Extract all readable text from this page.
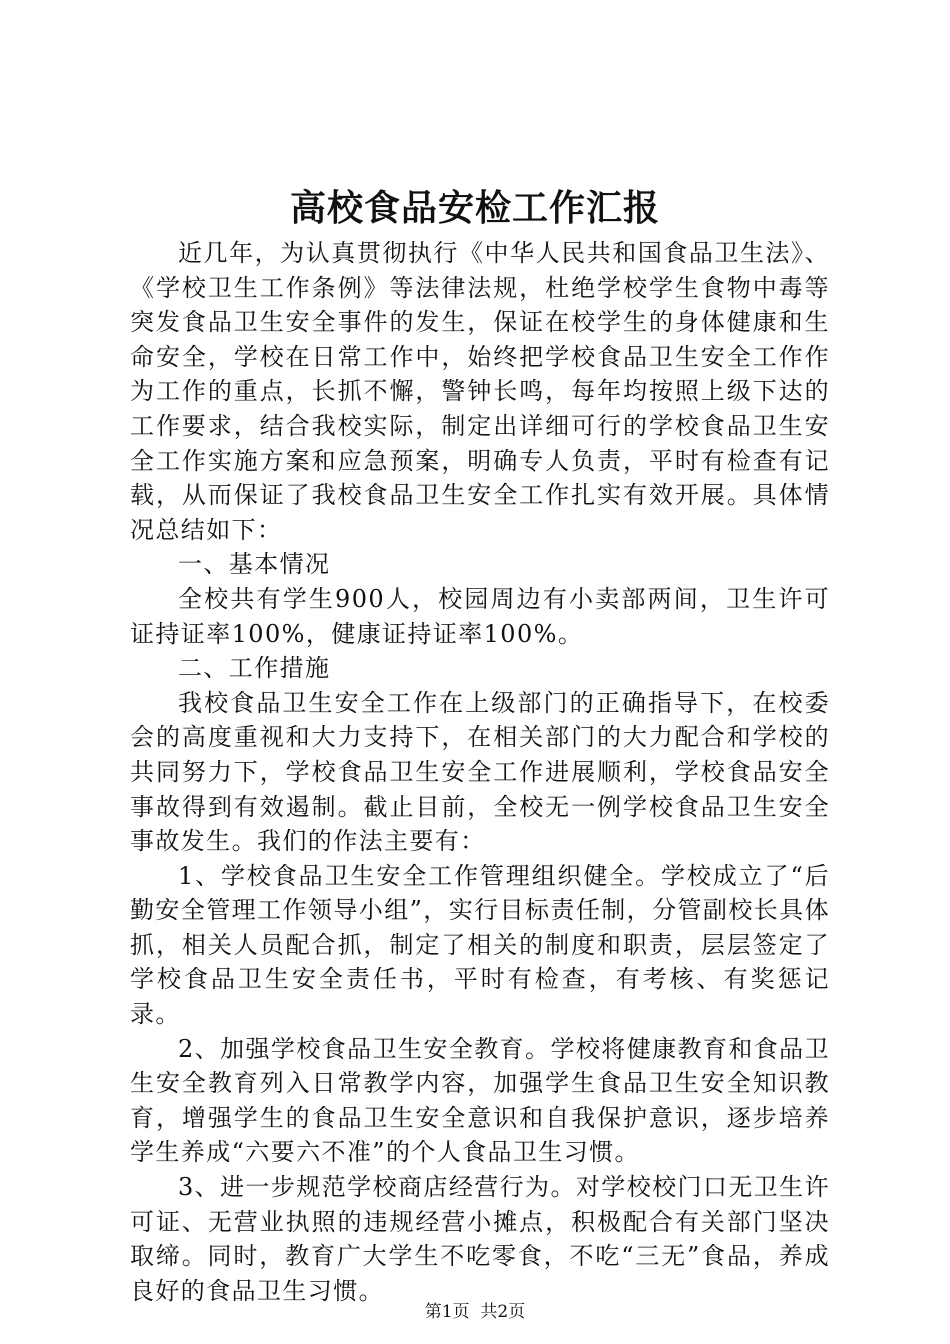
高校食品安检工作汇报

近几年，为认真贯彻执行《中华人民共和国食品卫生法》、《学校卫生工作条例》等法律法规，杜绝学校学生食物中毒等突发食品卫生安全事件的发生，保证在校学生的身体健康和生命安全，学校在日常工作中，始终把学校食品卫生安全工作作为工作的重点，长抓不懈，警钟长鸣，每年均按照上级下达的工作要求，结合我校实际，制定出详细可行的学校食品卫生安全工作实施方案和应急预案，明确专人负责，平时有检查有记载，从而保证了我校食品卫生安全工作扎实有效开展。具体情况总结如下：

一、基本情况

全校共有学生900人，校园周边有小卖部两间，卫生许可证持证率100%，健康证持证率100%。

二、工作措施

我校食品卫生安全工作在上级部门的正确指导下，在校委会的高度重视和大力支持下，在相关部门的大力配合和学校的共同努力下，学校食品卫生安全工作进展顺利，学校食品安全事故得到有效遏制。截止目前，全校无一例学校食品卫生安全事故发生。我们的作法主要有：

1、学校食品卫生安全工作管理组织健全。学校成立了“后勤安全管理工作领导小组”，实行目标责任制，分管副校长具体抓，相关人员配合抓，制定了相关的制度和职责，层层签定了学校食品卫生安全责任书，平时有检查，有考核、有奖惩记录。

2、加强学校食品卫生安全教育。学校将健康教育和食品卫生安全教育列入日常教学内容，加强学生食品卫生安全知识教育，增强学生的食品卫生安全意识和自我保护意识，逐步培养学生养成“六要六不准”的个人食品卫生习惯。

3、进一步规范学校商店经营行为。对学校校门口无卫生许可证、无营业执照的违规经营小摊点，积极配合有关部门坚决取缔。同时，教育广大学生不吃零食，不吃“三无”食品，养成良好的食品卫生习惯。

第1页 共2页
